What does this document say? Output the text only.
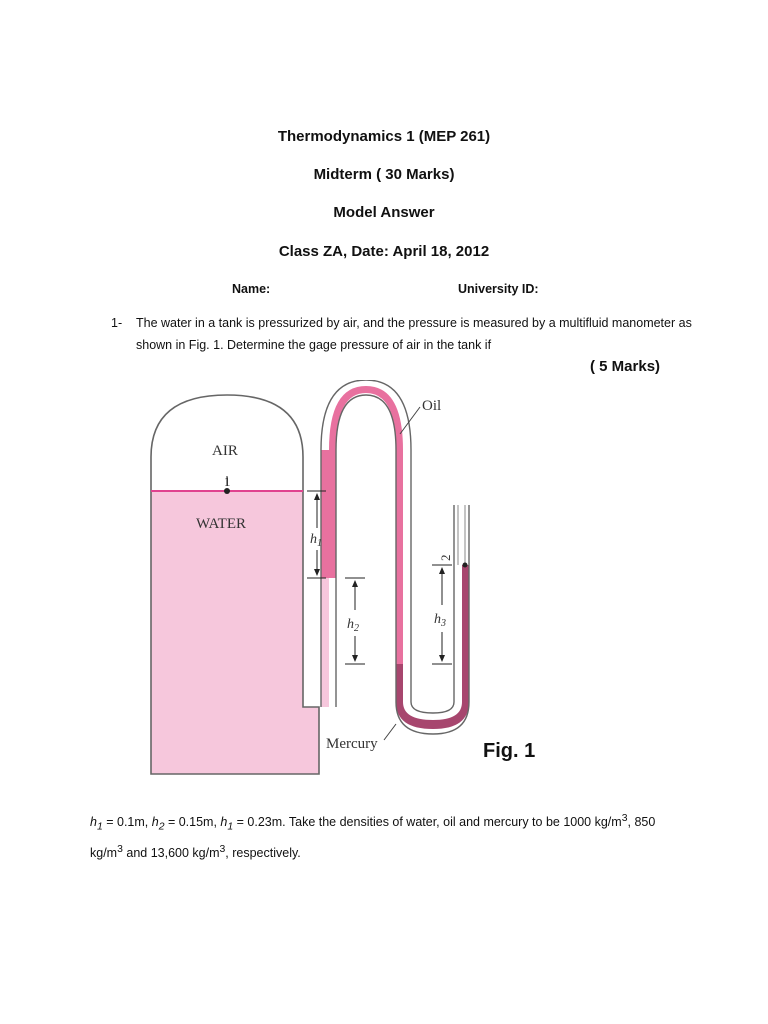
Thermodynamics 1 (MEP 261)
Midterm ( 30 Marks)
Model Answer
Class ZA, Date: April 18, 2012
Name:	University ID:
1- The water in a tank is pressurized by air, and the pressure is measured by a multifluid manometer as shown in Fig. 1. Determine the gage pressure of air in the tank if
( 5 Marks)
1
AIR
WATER
Oil
Mercury
$h_1$
$h_2$
$h_3$
2
Fig. 1
$h_1 = 0.1m$, $h_2 = 0.15m$, $h_1 = 0.23m$. Take the densities of water, oil and mercury to be 1000 $kg/m^3$, 850 $kg/m^3$ and 13,600 $kg/m^3$, respectively.
